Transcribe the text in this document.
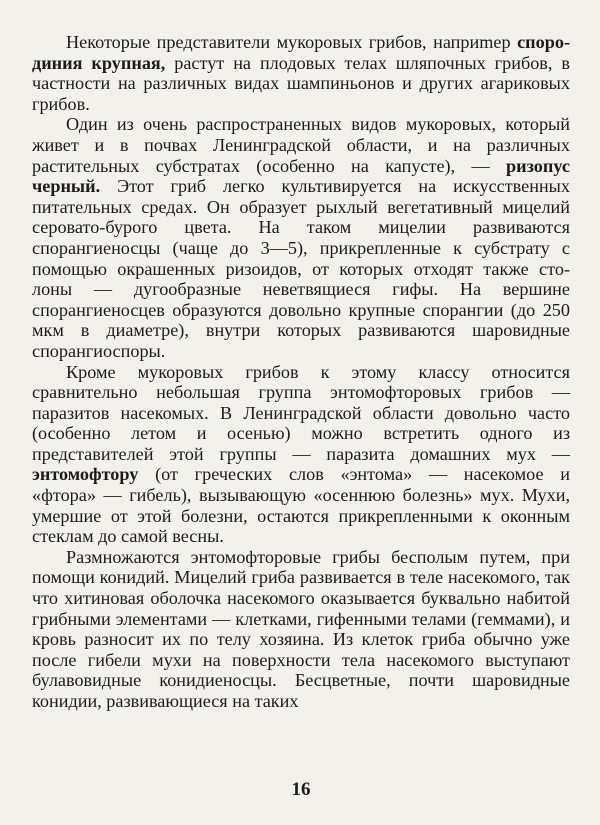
Некоторые представители мукоровых грибов, наприmер спородиния крупная, растут на плодовых телах шляпочных грибов, в частности на различных видах шампиньонов и других агариковых грибов.

Один из очень распространенных видов мукоровых, который живет и в почвах Ленинградской области, и на различных растительных субстратах (особенно на капусте), — ризопус черный. Этот гриб легко культивируется на искусственных питательных средах. Он образует рыхлый вегетативный мицелий серовато-бурого цвета. На таком мицелии развиваются спорангиеносцы (чаще до 3—5), прикрепленные к субстрату с помощью окрашенных ризоидов, от которых отходят также столоны — дугообразные неветвящиеся гифы. На вершине спорангиеносцев образуются довольно крупные спорангии (до 250 мкм в диаметре), внутри которых развиваются шаровидные спорангиоспоры.

Кроме мукоровых грибов к этому классу относится сравнительно небольшая группа энтомофторовых грибов — паразитов насекомых. В Ленинградской области довольно часто (особенно летом и осенью) можно встретить одного из представителей этой группы — паразита домашних мух — энтомофтору (от греческих слов «энтома» — насекомое и «фтора» — гибель), вызывающую «осеннюю болезнь» мух. Мухи, умершие от этой болезни, остаются прикрепленными к оконным стеклам до самой весны.

Размножаются энтомофторовые грибы бесполым путем, при помощи конидий. Мицелий гриба развивается в теле насекомого, так что хитиновая оболочка насекомого оказывается буквально набитой грибными элементами — клетками, гифенными телами (геммами), и кровь разносит их по телу хозяина. Из клеток гриба обычно уже после гибели мухи на поверхности тела насекомого выступают булавовидные конидиеносцы. Бесцветные, почти шаровидные конидии, развивающиеся на таких

16
